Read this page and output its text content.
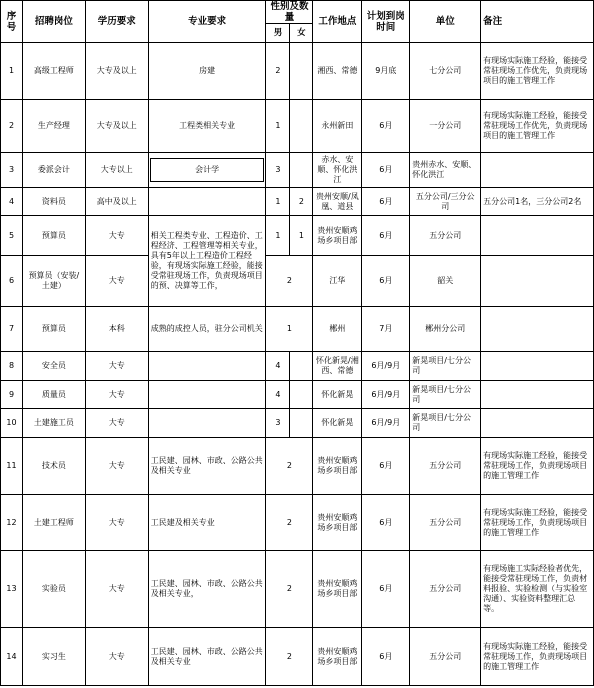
序号	招聘岗位	学历要求	专业要求	性别及数量		工作地点	计划到岗时间	单位	备注
				男	女				
1	高级工程师	大专及以上	房建	2		湘西、常德	9月底	七分公司	有现场实际施工经验，能接受常驻现场工作优先，负责现场项目的施工管理工作
2	生产经理	大专及以上	工程类相关专业	1		永州新田	6月	一分公司	有现场实际施工经验，能接受常驻现场工作优先，负责现场项目的施工管理工作
3	委派会计	大专以上	会计学	3		赤水、安顺、怀化洪江	6月	贵州赤水、安顺、怀化洪江	
4	资料员	高中及以上		1	2	贵州安顺/凤凰、道县	6月	五分公司/三分公司	五分公司1名，三分公司2名
5	预算员	大专	相关工程类专业、工程造价、工程经济、工程管理等相关专业，具有5年以上工程造价工程经验，有现场实际施工经验，能接受常驻现场工作，负责现场项目的预、决算等工作，	1	1	贵州安顺鸡场乡项目部	6月	五分公司	
6	预算员（安装/土建）	大专		2		江华	6月	韶关	
7	预算员	本科	成熟的成控人员，驻分公司机关	1		郴州	7月	郴州分公司	
8	安全员	大专		4		怀化新晃/湘西、常德	6月/9月	新晃项目/七分公司	
9	质量员	大专		4		怀化新晃	6月/9月	新晃项目/七分公司	
10	土建施工员	大专		3		怀化新晃	6月/9月	新晃项目/七分公司	
11	技术员	大专	工民建、园林、市政、公路公共及相关专业	2		贵州安顺鸡场乡项目部	6月	五分公司	有现场实际施工经验，能接受常驻现场工作，负责现场项目的施工管理工作
12	土建工程师	大专	工民建及相关专业	2		贵州安顺鸡场乡项目部	6月	五分公司	有现场实际施工经验，能接受常驻现场工作，负责现场项目的施工管理工作
13	实验员	大专	工民建、园林、市政、公路公共及相关专业，	2		贵州安顺鸡场乡项目部	6月	五分公司	有现场施工实际经验者优先，能接受常驻现场工作，负责材料报验、实验检测（与实验室沟通）、实验资料整理汇总等。
14	实习生	大专	工民建、园林、市政、公路公共及相关专业	2		贵州安顺鸡场乡项目部	6月	五分公司	有现场实际施工经验，能接受常驻现场工作，负责现场项目的施工管理工作
